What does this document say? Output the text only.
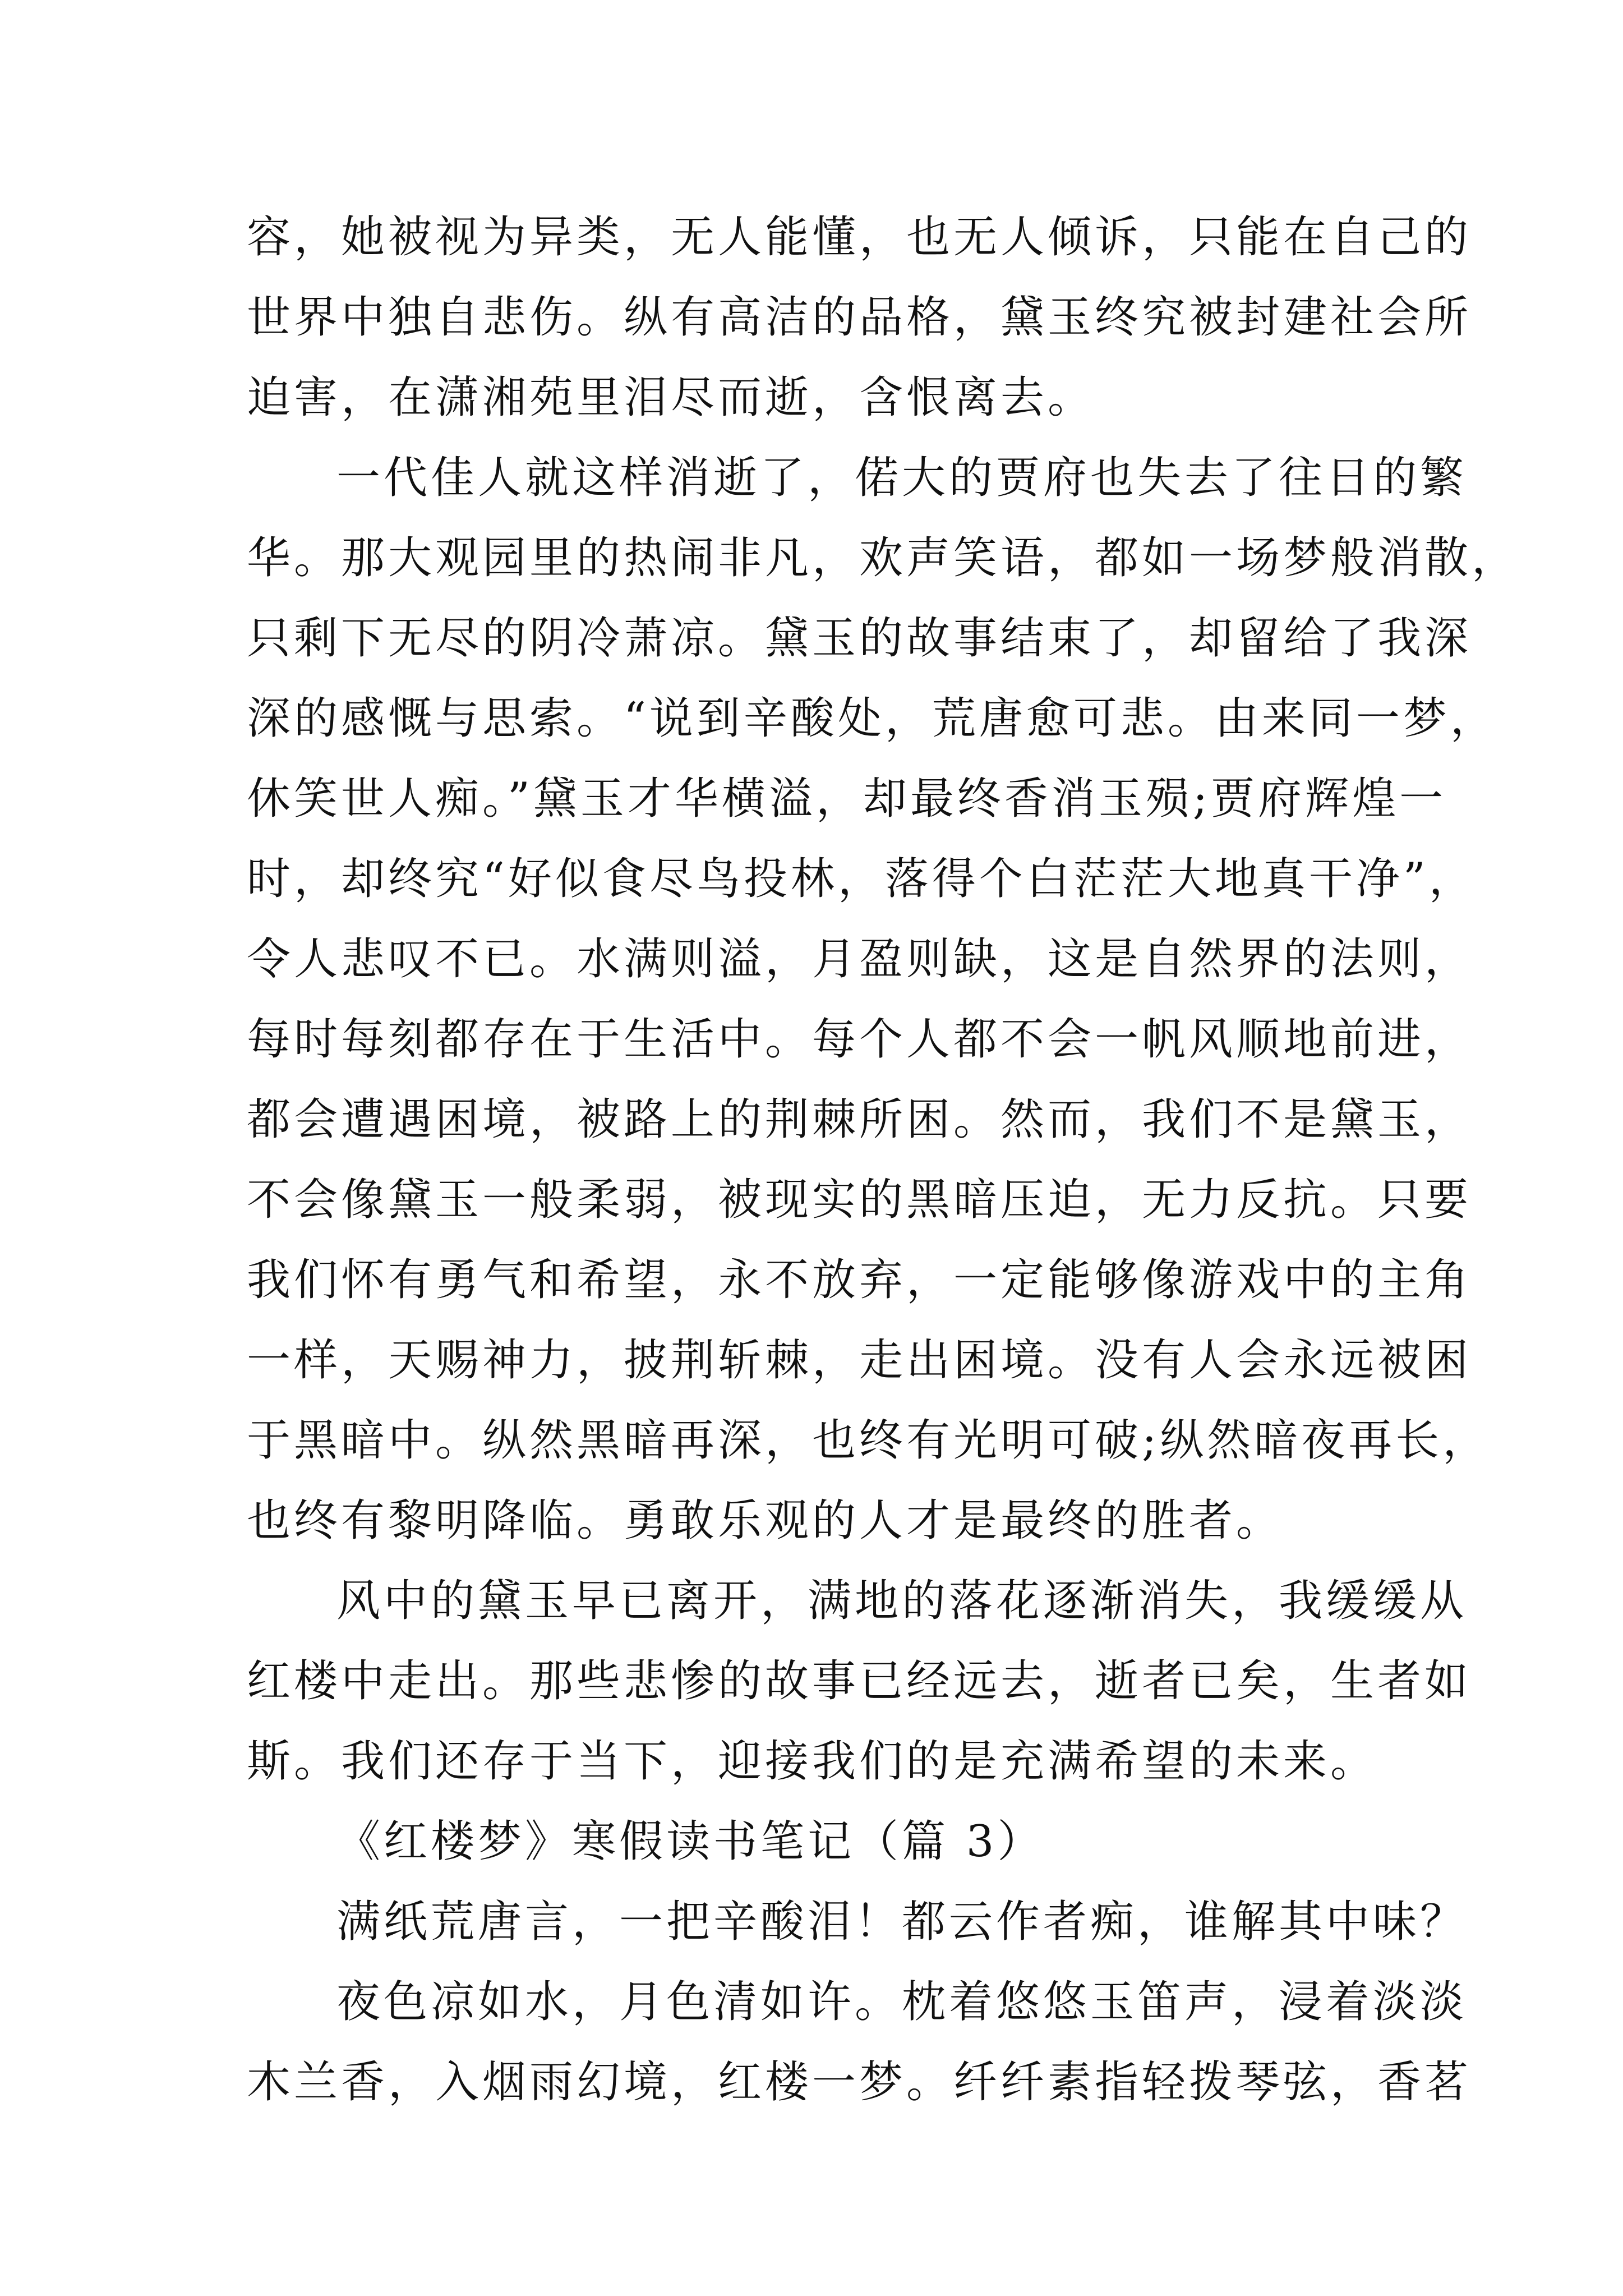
容，她被视为异类，无人能懂，也无人倾诉，只能在自己的
世界中独自悲伤。纵有高洁的品格，黛玉终究被封建社会所
迫害，在潇湘苑里泪尽而逝，含恨离去。
一代佳人就这样消逝了，偌大的贾府也失去了往日的繁
华。那大观园里的热闹非凡，欢声笑语，都如一场梦般消散，
只剩下无尽的阴冷萧凉。黛玉的故事结束了，却留给了我深
深的感慨与思索。“说到辛酸处，荒唐愈可悲。由来同一梦，
休笑世人痴。”黛玉才华横溢，却最终香消玉殒;贾府辉煌一
时，却终究“好似食尽鸟投林，落得个白茫茫大地真干净”，
令人悲叹不已。水满则溢，月盈则缺，这是自然界的法则，
每时每刻都存在于生活中。每个人都不会一帆风顺地前进，
都会遭遇困境，被路上的荆棘所困。然而，我们不是黛玉，
不会像黛玉一般柔弱，被现实的黑暗压迫，无力反抗。只要
我们怀有勇气和希望，永不放弃，一定能够像游戏中的主角
一样，天赐神力，披荆斩棘，走出困境。没有人会永远被困
于黑暗中。纵然黑暗再深，也终有光明可破;纵然暗夜再长，
也终有黎明降临。勇敢乐观的人才是最终的胜者。
风中的黛玉早已离开，满地的落花逐渐消失，我缓缓从
红楼中走出。那些悲惨的故事已经远去，逝者已矣，生者如
斯。我们还存于当下，迎接我们的是充满希望的未来。
《红楼梦》寒假读书笔记（篇 3）
满纸荒唐言，一把辛酸泪！都云作者痴，谁解其中味？
夜色凉如水，月色清如许。枕着悠悠玉笛声，浸着淡淡
木兰香，入烟雨幻境，红楼一梦。纤纤素指轻拨琴弦，香茗
